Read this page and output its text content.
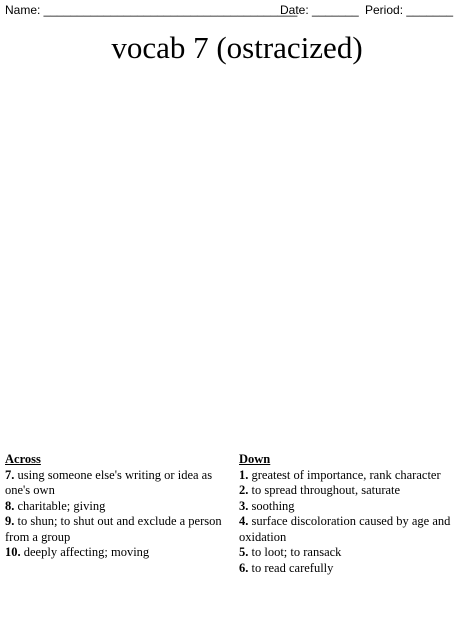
Name: ______________________________________
Date: _______ Period: _______
vocab 7 (ostracized)
Across
7. using someone else's writing or idea as one's own
8. charitable; giving
9. to shun; to shut out and exclude a person from a group
10. deeply affecting; moving
Down
1. greatest of importance, rank character
2. to spread throughout, saturate
3. soothing
4. surface discoloration caused by age and oxidation
5. to loot; to ransack
6. to read carefully
